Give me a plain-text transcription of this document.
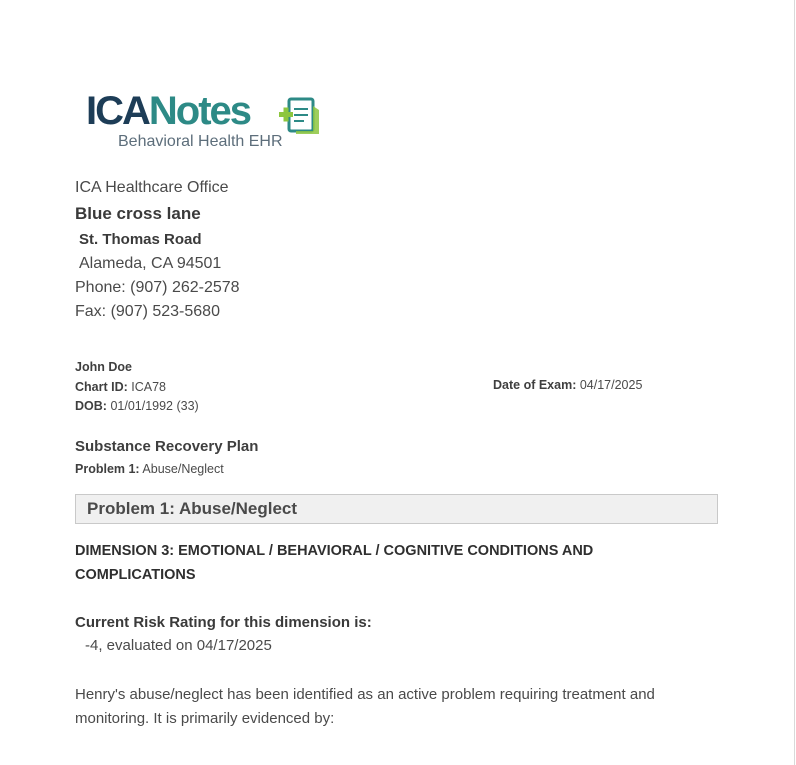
ICANotes
Behavioral Health EHR
ICA Healthcare Office
Blue cross lane
St. Thomas Road
Alameda, CA 94501
Phone: (907) 262-2578
Fax: (907) 523-5680
John Doe
Chart ID: ICA78
DOB: 01/01/1992 (33)
Date of Exam: 04/17/2025
Substance Recovery Plan
Problem 1: Abuse/Neglect
Problem 1: Abuse/Neglect
DIMENSION 3: EMOTIONAL / BEHAVIORAL / COGNITIVE CONDITIONS AND COMPLICATIONS
Current Risk Rating for this dimension is:
-4, evaluated on 04/17/2025
Henry's abuse/neglect has been identified as an active problem requiring treatment and monitoring. It is primarily evidenced by:
